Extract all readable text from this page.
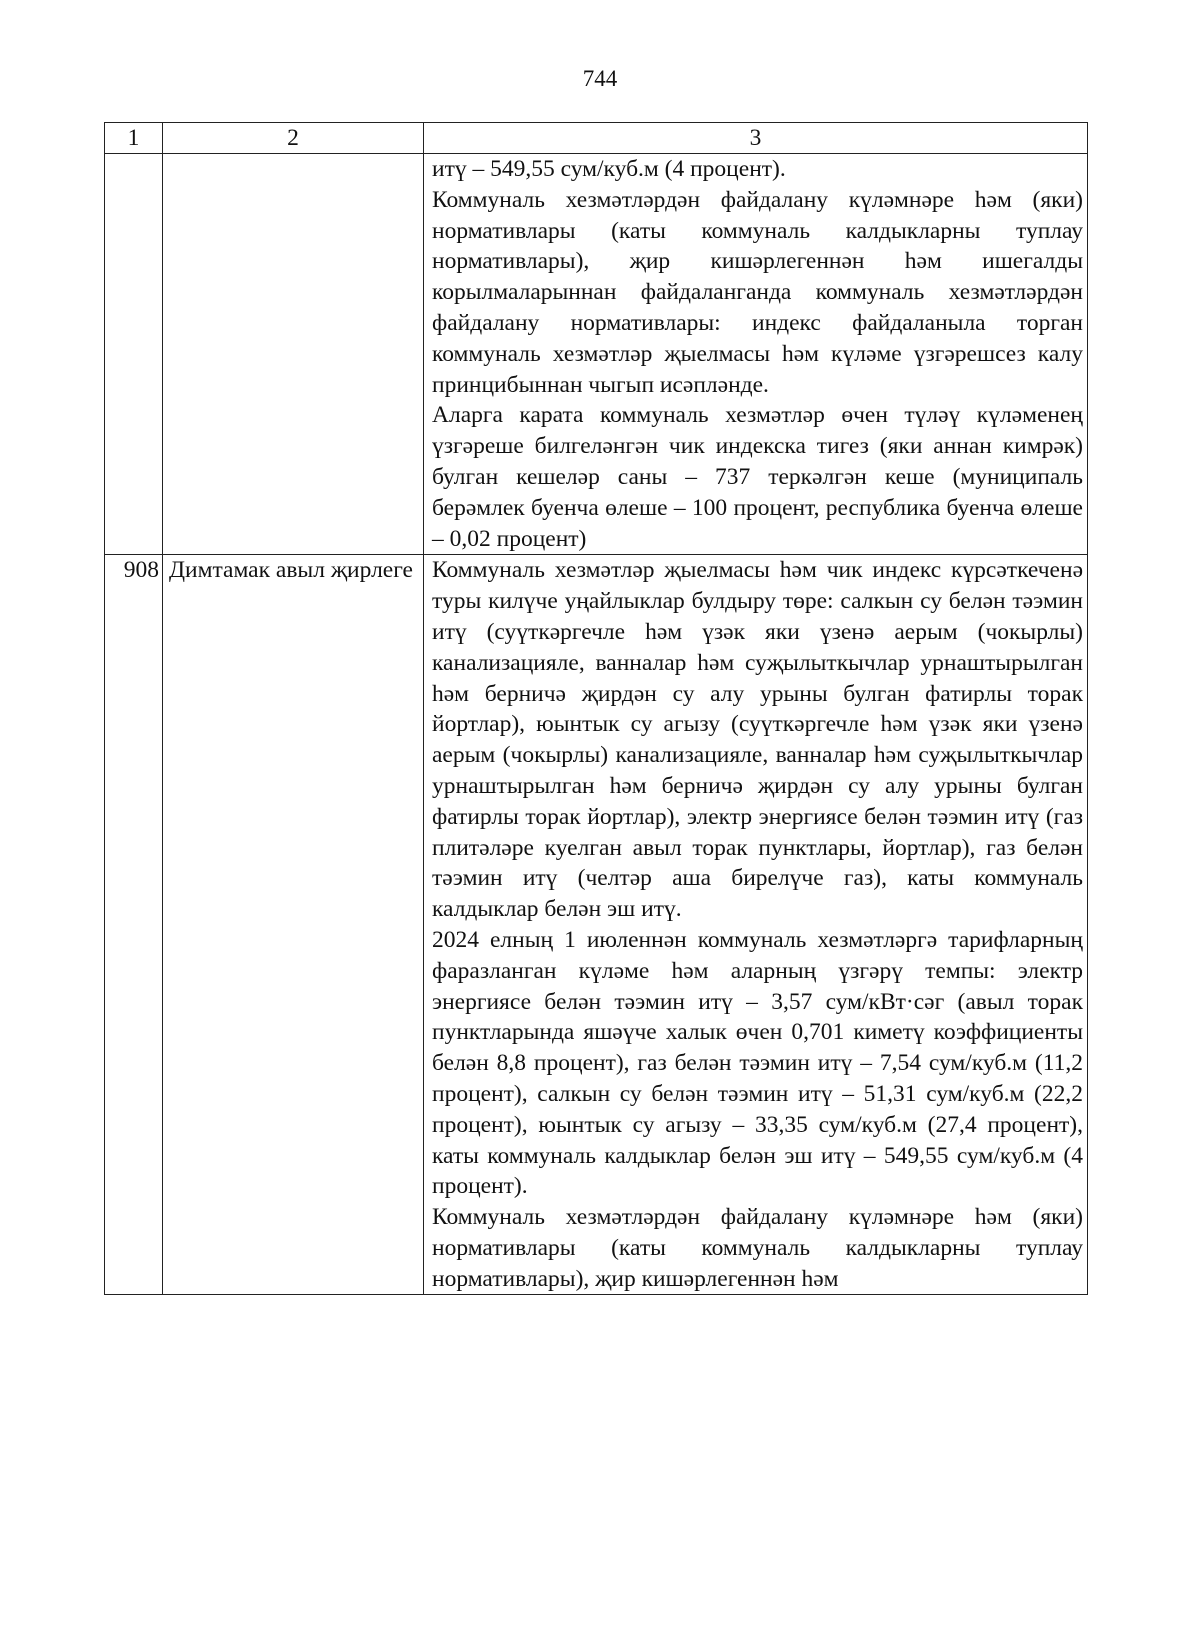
744
1	2	3

		итү – 549,55 сум/куб.м (4 процент).

Коммуналь хезмәтләрдән файдалану күләмнәре һәм (яки) нормативлары (каты коммуналь калдыкларны туплау нормативлары), җир кишәрлегеннән һәм ишегалды корылмаларыннан файдаланганда коммуналь хезмәтләрдән файдалану нормативлары: индекс файдаланыла торган коммуналь хезмәтләр җыелмасы һәм күләме үзгәрешсез калу принцибыннан чыгып исәпләнде.

Аларга карата коммуналь хезмәтләр өчен түләү күләменең үзгәреше билгеләнгән чик индекска тигез (яки аннан кимрәк) булган кешеләр саны – 737 теркәлгән кеше (муниципаль берәмлек буенча өлеше – 100 процент, республика буенча өлеше – 0,02 процент)

908	Димтамак авыл җирлеге	Коммуналь хезмәтләр җыелмасы һәм чик индекс күрсәткеченә туры килүче уңайлыклар булдыру төре: салкын су белән тәэмин итү (суүткәргечле һәм үзәк яки үзенә аерым (чокырлы) канализацияле, ванналар һәм суҗылыткычлар урнаштырылган һәм берничә җирдән су алу урыны булган фатирлы торак йортлар), юынтык су агызу (суүткәргечле һәм үзәк яки үзенә аерым (чокырлы) канализацияле, ванналар һәм суҗылыткычлар урнаштырылган һәм берничә җирдән су алу урыны булган фатирлы торак йортлар), электр энергиясе белән тәэмин итү (газ плитәләре куелган авыл торак пунктлары, йортлар), газ белән тәэмин итү (челтәр аша бирелүче газ), каты коммуналь калдыклар белән эш итү.

2024 елның 1 июленнән коммуналь хезмәтләргә тарифларның фаразланган күләме һәм аларның үзгәрү темпы: электр энергиясе белән тәэмин итү – 3,57 сум/кВт·сәг (авыл торак пунктларында яшәүче халык өчен 0,701 киметү коэффициенты белән 8,8 процент), газ белән тәэмин итү – 7,54 сум/куб.м (11,2 процент), салкын су белән тәэмин итү – 51,31 сум/куб.м (22,2 процент), юынтык су агызу – 33,35 сум/куб.м (27,4 процент), каты коммуналь калдыклар белән эш итү – 549,55 сум/куб.м (4 процент).

Коммуналь хезмәтләрдән файдалану күләмнәре һәм (яки) нормативлары (каты коммуналь калдыкларны туплау нормативлары), җир кишәрлегеннән һәм
